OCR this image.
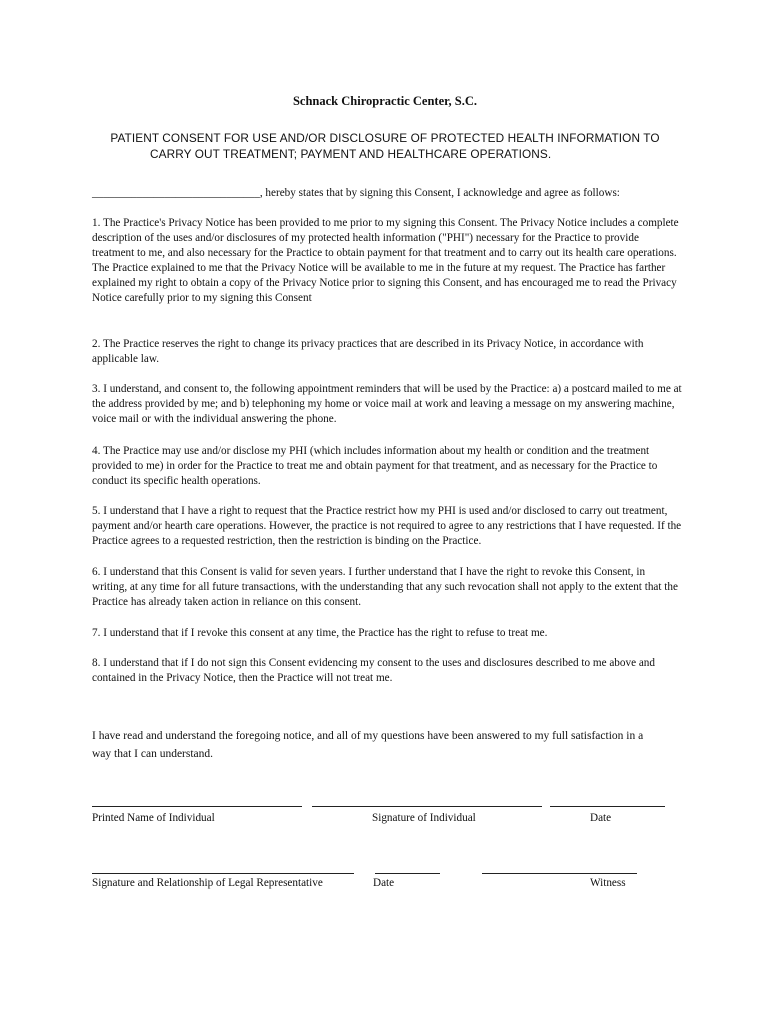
Schnack Chiropractic Center, S.C.
PATIENT CONSENT FOR USE AND/OR DISCLOSURE OF PROTECTED HEALTH INFORMATION TO
CARRY OUT TREATMENT; PAYMENT AND HEALTHCARE OPERATIONS.
______________________________, hereby states that by signing this Consent, I acknowledge and agree as follows:
1. The Practice's Privacy Notice has been provided to me prior to my signing this Consent. The Privacy Notice includes a complete description of the uses and/or disclosures of my protected health information ("PHI") necessary for the Practice to provide treatment to me, and also necessary for the Practice to obtain payment for that treatment and to carry out its health care operations. The Practice explained to me that the Privacy Notice will be available to me in the future at my request. The Practice has farther explained my right to obtain a copy of the Privacy Notice prior to signing this Consent, and has encouraged me to read the Privacy Notice carefully prior to my signing this Consent
2. The Practice reserves the right to change its privacy practices that are described in its Privacy Notice, in accordance with applicable law.
3. I understand, and consent to, the following appointment reminders that will be used by the Practice: a) a postcard mailed to me at the address provided by me; and b) telephoning my home or voice mail at work and leaving a message on my answering machine, voice mail or with the individual answering the phone.
4. The Practice may use and/or disclose my PHI (which includes information about my health or condition and the treatment provided to me) in order for the Practice to treat me and obtain payment for that treatment, and as necessary for the Practice to conduct its specific health operations.
5. I understand that I have a right to request that the Practice restrict how my PHI is used and/or disclosed to carry out treatment, payment and/or hearth care operations. However, the practice is not required to agree to any restrictions that I have requested. If the Practice agrees to a requested restriction, then the restriction is binding on the Practice.
6. I understand that this Consent is valid for seven years. I further understand that I have the right to revoke this Consent, in writing, at any time for all future transactions, with the understanding that any such revocation shall not apply to the extent that the Practice has already taken action in reliance on this consent.
7. I understand that if I revoke this consent at any time, the Practice has the right to refuse to treat me.
8. I understand that if I do not sign this Consent evidencing my consent to the uses and disclosures described to me above and contained in the Privacy Notice, then the Practice will not treat me.
I have read and understand the foregoing notice, and all of my questions have been answered to my full satisfaction in a way that I can understand.
Printed Name of Individual	Signature of Individual	Date
Signature and Relationship of Legal Representative	Date	Witness
